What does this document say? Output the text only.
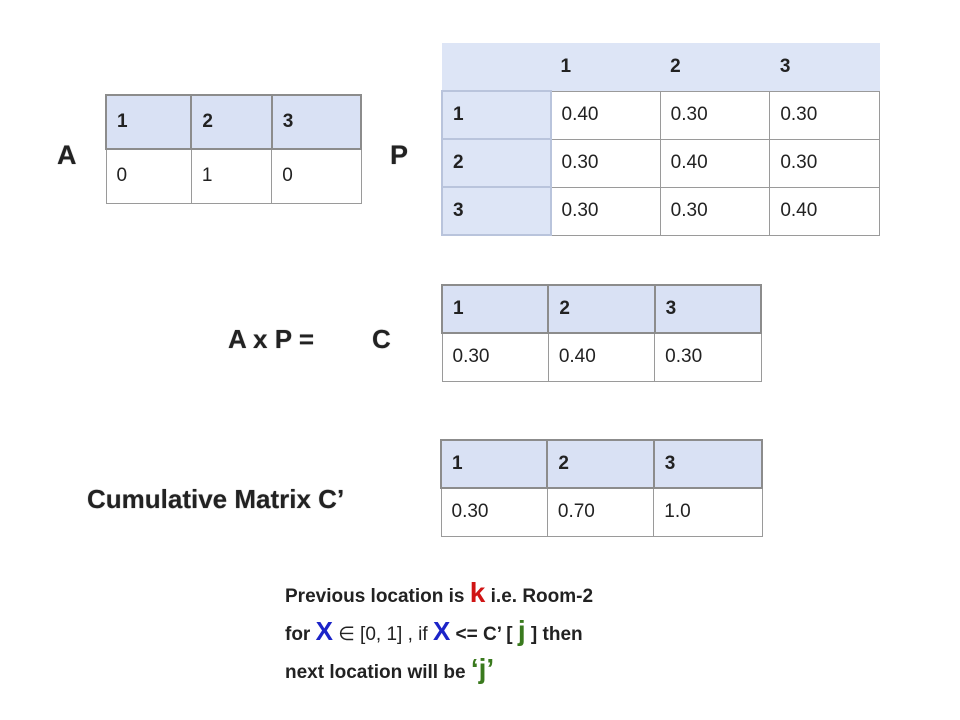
A
1	2	3
0	1	0
P
	1	2	3
1	0.40	0.30	0.30
2	0.30	0.40	0.30
3	0.30	0.30	0.40
A x P = C
1	2	3
0.30	0.40	0.30
Cumulative Matrix C’
1	2	3
0.30	0.70	1.0
Previous location is k i.e. Room-2
for X ∈ [0, 1] , if X <= C’ [ j ] then
next location will be ‘j’
